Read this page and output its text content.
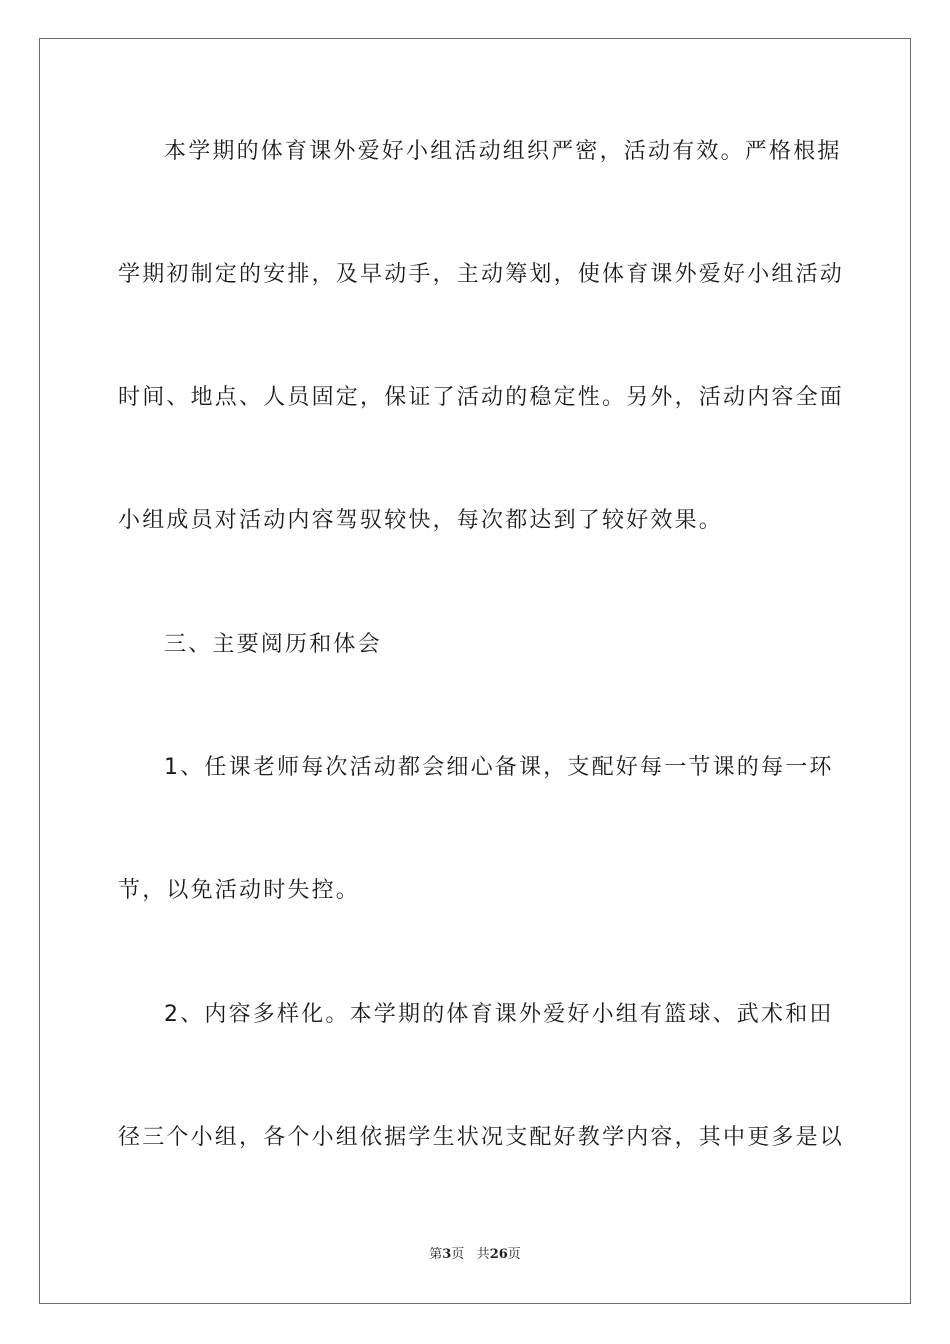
本学期的体育课外爱好小组活动组织严密，活动有效。严格根据
学期初制定的安排，及早动手，主动筹划，使体育课外爱好小组活动
时间、地点、人员固定，保证了活动的稳定性。另外，活动内容全面
小组成员对活动内容驾驭较快，每次都达到了较好效果。
三、主要阅历和体会
1、任课老师每次活动都会细心备课，支配好每一节课的每一环
节，以免活动时失控。
2、内容多样化。本学期的体育课外爱好小组有篮球、武术和田
径三个小组，各个小组依据学生状况支配好教学内容，其中更多是以
第3页 共26页
